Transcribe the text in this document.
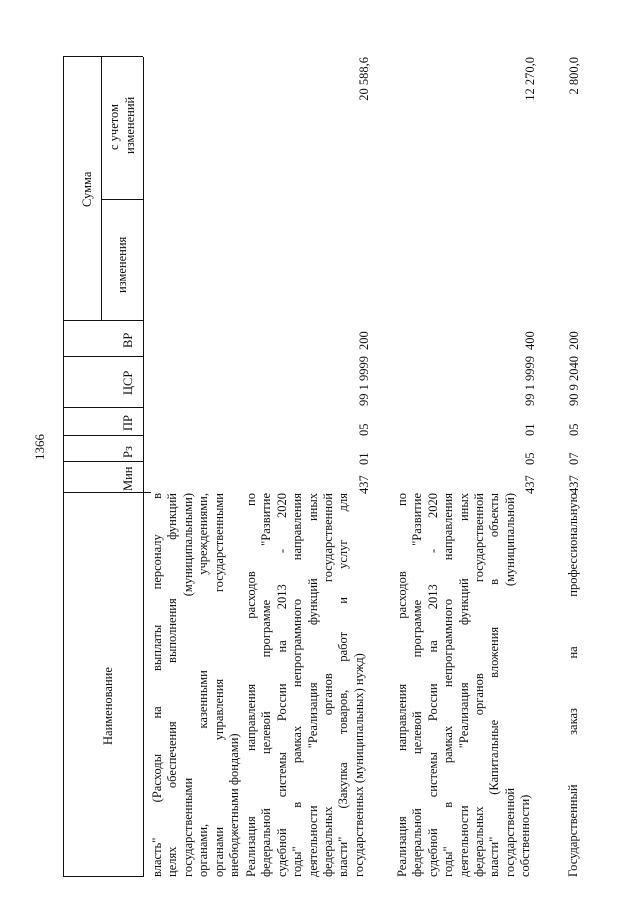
1366
Наименование
Мин
Рз
ПР
ЦСР
ВР
Сумма
изменения
с учетом изменений
власть" (Расходы на выплаты персоналу в целях обеспечения выполнения функций государственными (муниципальными) органами, казенными учреждениями, органами управления государственными внебюджетными фондами) Реализация направления расходов по федеральной целевой программе "Развитие судебной системы России на 2013 - 2020 годы" в рамках непрограммного направления деятельности "Реализация функций иных федеральных органов государственной власти" (Закупка товаров, работ и услуг для государственных (муниципальных) нужд)
437
01
05
99 1 9999
200
20 588,6
Реализация направления расходов по федеральной целевой программе "Развитие судебной системы России на 2013 - 2020 годы" в рамках непрограммного направления деятельности "Реализация функций иных федеральных органов государственной власти" (Капитальные вложения в объекты государственной (муниципальной) собственности)
437
05
01
99 1 9999
400
12 270,0
Государственный заказ на профессиональную
437
07
05
90 9 2040
200
2 800,0
